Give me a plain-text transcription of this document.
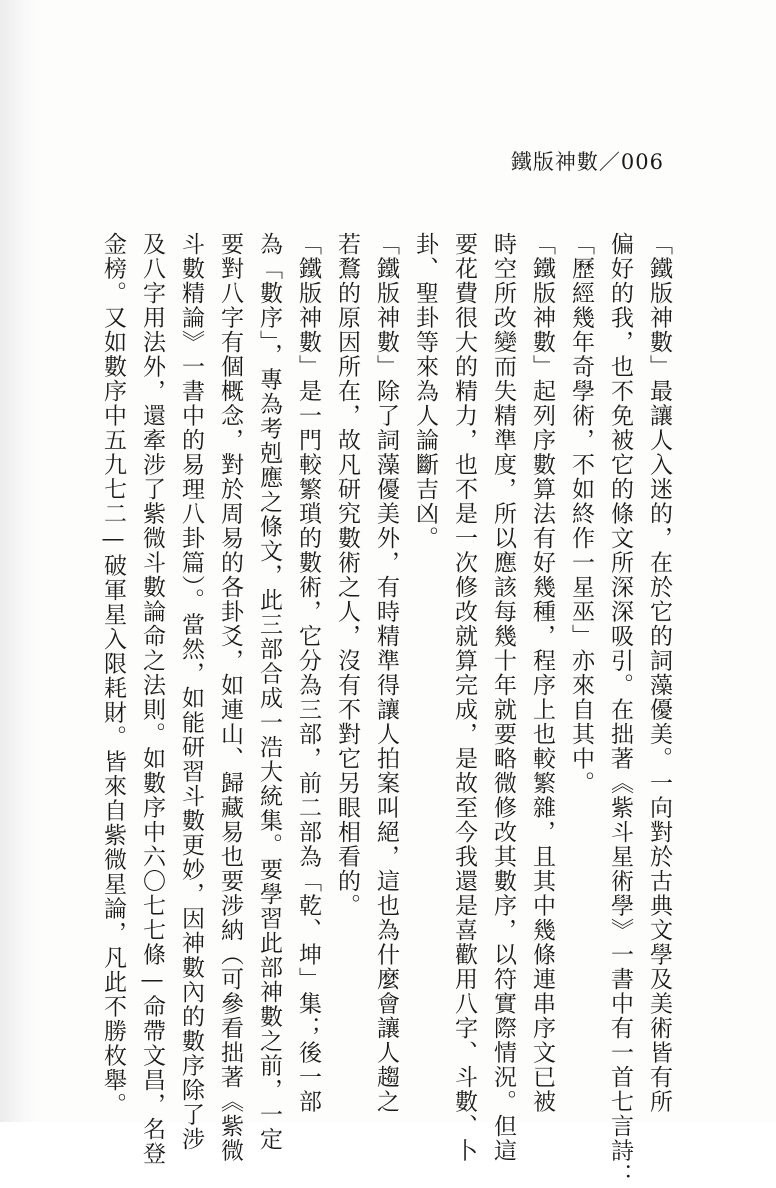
鐵版神數／006
「鐵版神數」最讓人入迷的，在於它的詞藻優美。一向對於古典文學及美術皆有所
偏好的我，也不免被它的條文所深深吸引。在拙著《紫斗星術學》一書中有一首七言詩：
「歷經幾年奇學術，不如終作一星巫」亦來自其中。
「鐵版神數」起列序數算法有好幾種，程序上也較繁雜，且其中幾條連串序文已被
時空所改變而失精準度，所以應該每幾十年就要略微修改其數序，以符實際情況。但這
要花費很大的精力，也不是一次修改就算完成，是故至今我還是喜歡用八字、斗數、卜
卦、聖卦等來為人論斷吉凶。
「鐵版神數」除了詞藻優美外，有時精準得讓人拍案叫絕，這也為什麼會讓人趨之
若鶩的原因所在，故凡研究數術之人，沒有不對它另眼相看的。
「鐵版神數」是一門較繁瑣的數術，它分為三部，前二部為「乾、坤」集；後一部
為「數序」，專為考剋應之條文，此三部合成一浩大統集。要學習此部神數之前，一定
要對八字有個概念，對於周易的各卦爻，如連山、歸藏易也要涉納（可參看拙著《紫微
斗數精論》一書中的易理八卦篇）。當然，如能研習斗數更妙，因神數內的數序除了涉
及八字用法外，還牽涉了紫微斗數論命之法則。如數序中六〇七七條—命帶文昌，名登
金榜。又如數序中五九七二—破軍星入限耗財。皆來自紫微星論，凡此不勝枚舉。
